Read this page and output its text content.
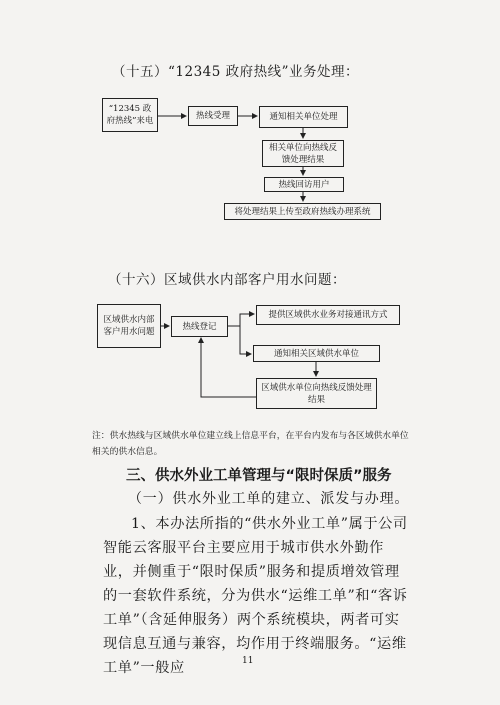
（十五）“12345 政府热线”业务处理：
“12345 政府热线”来电	热线受理	通知相关单位处理
相关单位向热线反馈处理结果
热线回访用户
将处理结果上传至政府热线办理系统
（十六）区域供水内部客户用水问题：
区域供水内部客户用水问题
热线登记
提供区域供水业务对接通讯方式
通知相关区域供水单位
区域供水单位向热线反馈处理结果
注：供水热线与区域供水单位建立线上信息平台，在平台内发布与各区域供水单位相关的供水信息。
三、供水外业工单管理与“限时保质”服务
（一）供水外业工单的建立、派发与办理。
1、本办法所指的“供水外业工单”属于公司智能云客服平台主要应用于城市供水外勤作业，并侧重于“限时保质”服务和提质增效管理的一套软件系统，分为供水“运维工单”和“客诉工单”（含延伸服务）两个系统模块，两者可实现信息互通与兼容，均作用于终端服务。“运维工单”一般应	11
